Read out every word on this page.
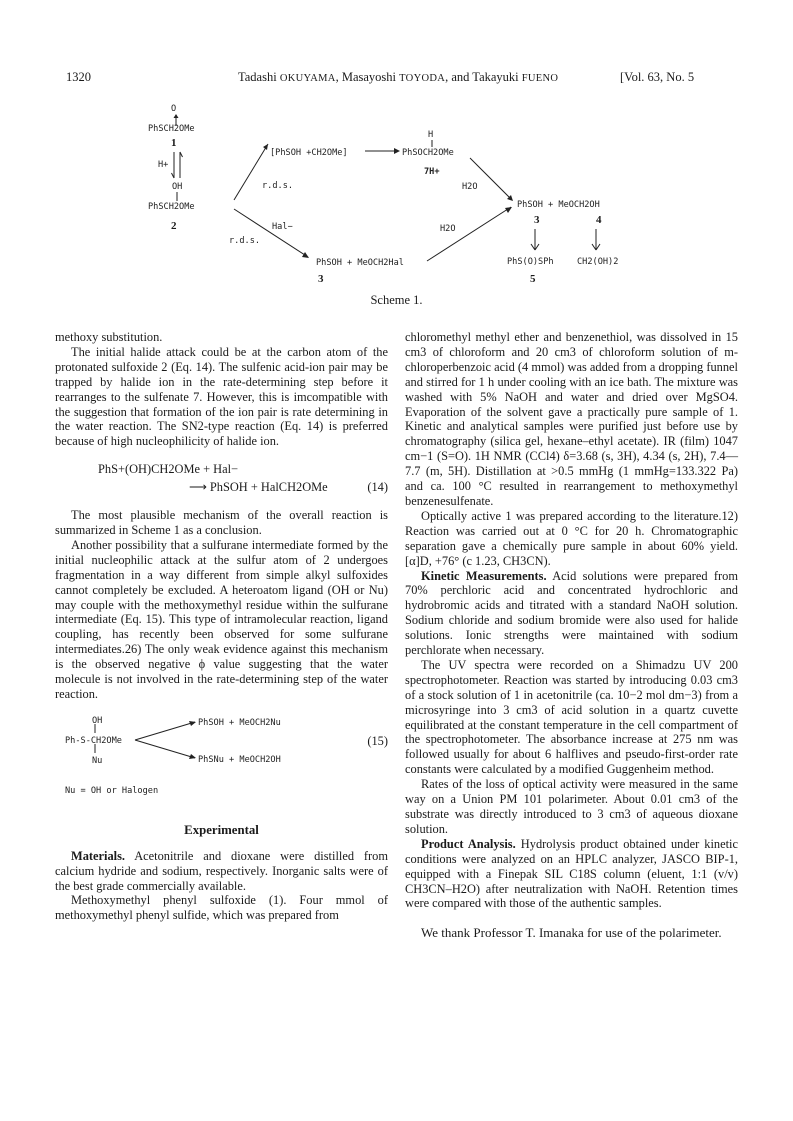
1320	Tadashi OKUYAMA, Masayoshi TOYODA, and Takayuki FUENO	[Vol. 63, No. 5
O
PhSCH2OMe
1
H+
OH
PhSCH2OMe
2
[PhSOH +CH2OMe]
H
PhSOCH2OMe
7H+
r.d.s.	H2O
Hal−
r.d.s.
H2O
PhSOH + MeOCH2OH
3	4
PhSOH + MeOCH2Hal
3
PhS(O)SPh	CH2(OH)2
5
Scheme 1.

methoxy substitution.

The initial halide attack could be at the carbon atom of the protonated sulfoxide 2 (Eq. 14). The sulfenic acid-ion pair may be trapped by halide ion in the rate-determining step before it rearranges to the sulfenate 7. However, this is imcompatible with the suggestion that formation of the ion pair is rate determining in the water reaction. The SN2-type reaction (Eq. 14) is preferred because of high nucleophilicity of halide ion.

PhS+(OH)CH2OMe + Hal−
⟶ PhSOH + HalCH2OMe	(14)

The most plausible mechanism of the overall reaction is summarized in Scheme 1 as a conclusion.

Another possibility that a sulfurane intermediate formed by the initial nucleophilic attack at the sulfur atom of 2 undergoes fragmentation in a way different from simple alkyl sulfoxides cannot completely be excluded. A heteroatom ligand (OH or Nu) may couple with the methoxymethyl residue within the sulfurane intermediate (Eq. 15). This type of intramolecular reaction, ligand coupling, has recently been observed for some sulfurane intermediates.26) The only weak evidence against this mechanism is the observed negative ϕ value suggesting that the water molecule is not involved in the rate-determining step of the water reaction.

OH
Ph-S-CH2OMe
Nu
PhSOH + MeOCH2Nu
PhSNu + MeOCH2OH
(15)
Nu = OH or Halogen
Experimental

Materials. Acetonitrile and dioxane were distilled from calcium hydride and sodium, respectively. Inorganic salts were of the best grade commercially available.

Methoxymethyl phenyl sulfoxide (1). Four mmol of methoxymethyl phenyl sulfide, which was prepared from

chloromethyl methyl ether and benzenethiol, was dissolved in 15 cm3 of chloroform and 20 cm3 of chloroform solution of m-chloroperbenzoic acid (4 mmol) was added from a dropping funnel and stirred for 1 h under cooling with an ice bath. The mixture was washed with 5% NaOH and water and dried over MgSO4. Evaporation of the solvent gave a practically pure sample of 1. Kinetic and analytical samples were purified just before use by chromatography (silica gel, hexane–ethyl acetate). IR (film) 1047 cm−1 (S=O). 1H NMR (CCl4) δ=3.68 (s, 3H), 4.34 (s, 2H), 7.4—7.7 (m, 5H). Distillation at >0.5 mmHg (1 mmHg=133.322 Pa) and ca. 100 °C resulted in rearrangement to methoxymethyl benzenesulfenate.

Optically active 1 was prepared according to the literature.12) Reaction was carried out at 0 °C for 20 h. Chromatographic separation gave a chemically pure sample in about 60% yield. [α]D, +76° (c 1.23, CH3CN).

Kinetic Measurements. Acid solutions were prepared from 70% perchloric acid and concentrated hydrochloric and hydrobromic acids and titrated with a standard NaOH solution. Sodium chloride and sodium bromide were also used for halide solutions. Ionic strengths were maintained with sodium perchlorate when necessary.

The UV spectra were recorded on a Shimadzu UV 200 spectrophotometer. Reaction was started by introducing 0.03 cm3 of a stock solution of 1 in acetonitrile (ca. 10−2 mol dm−3) from a microsyringe into 3 cm3 of acid solution in a quartz cuvette equilibrated at the constant temperature in the cell compartment of the spectrophotometer. The absorbance increase at 275 nm was followed usually for about 6 halflives and pseudo-first-order rate constants were calculated by a modified Guggenheim method.

Rates of the loss of optical activity were measured in the same way on a Union PM 101 polarimeter. About 0.01 cm3 of the substrate was directly introduced to 3 cm3 of aqueous dioxane solution.

Product Analysis. Hydrolysis product obtained under kinetic conditions were analyzed on an HPLC analyzer, JASCO BIP-1, equipped with a Finepak SIL C18S column (eluent, 1:1 (v/v) CH3CN–H2O) after neutralization with NaOH. Retention times were compared with those of the authentic samples.

We thank Professor T. Imanaka for use of the polarimeter.
